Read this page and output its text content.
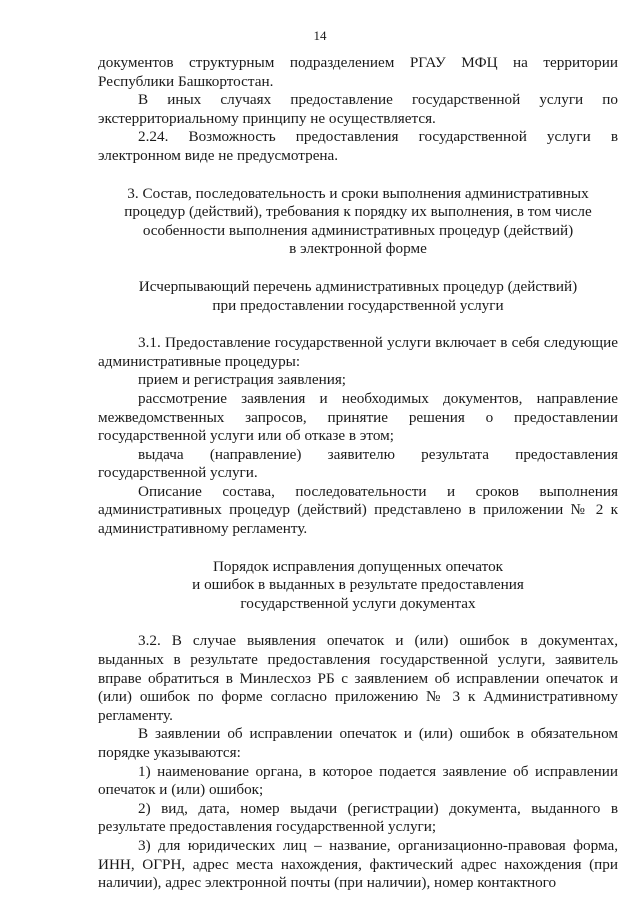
14

документов структурным подразделением РГАУ МФЦ на территории Республики Башкортостан.

В иных случаях предоставление государственной услуги по экстерриториальному принципу не осуществляется.

2.24. Возможность предоставления государственной услуги в электронном виде не предусмотрена.

3. Состав, последовательность и сроки выполнения административных

процедур (действий), требования к порядку их выполнения, в том числе

особенности выполнения административных процедур (действий)

в электронной форме

Исчерпывающий перечень административных процедур (действий)

при предоставлении государственной услуги

3.1. Предоставление государственной услуги включает в себя следующие административные процедуры:

прием и регистрация заявления;

рассмотрение заявления и необходимых документов, направление межведомственных запросов, принятие решения о предоставлении государственной услуги или об отказе в этом;

выдача (направление) заявителю результата предоставления государственной услуги.

Описание состава, последовательности и сроков выполнения административных процедур (действий) представлено в приложении № 2 к административному регламенту.

Порядок исправления допущенных опечаток

и ошибок в выданных в результате предоставления

государственной услуги документах

3.2. В случае выявления опечаток и (или) ошибок в документах, выданных в результате предоставления государственной услуги, заявитель вправе обратиться в Минлесхоз РБ с заявлением об исправлении опечаток и (или) ошибок по форме согласно приложению № 3 к Административному регламенту.

В заявлении об исправлении опечаток и (или) ошибок в обязательном порядке указываются:

1) наименование органа, в которое подается заявление об исправлении опечаток и (или) ошибок;

2) вид, дата, номер выдачи (регистрации) документа, выданного в результате предоставления государственной услуги;

3) для юридических лиц – название, организационно-правовая форма, ИНН, ОГРН, адрес места нахождения, фактический адрес нахождения (при наличии), адрес электронной почты (при наличии), номер контактного
